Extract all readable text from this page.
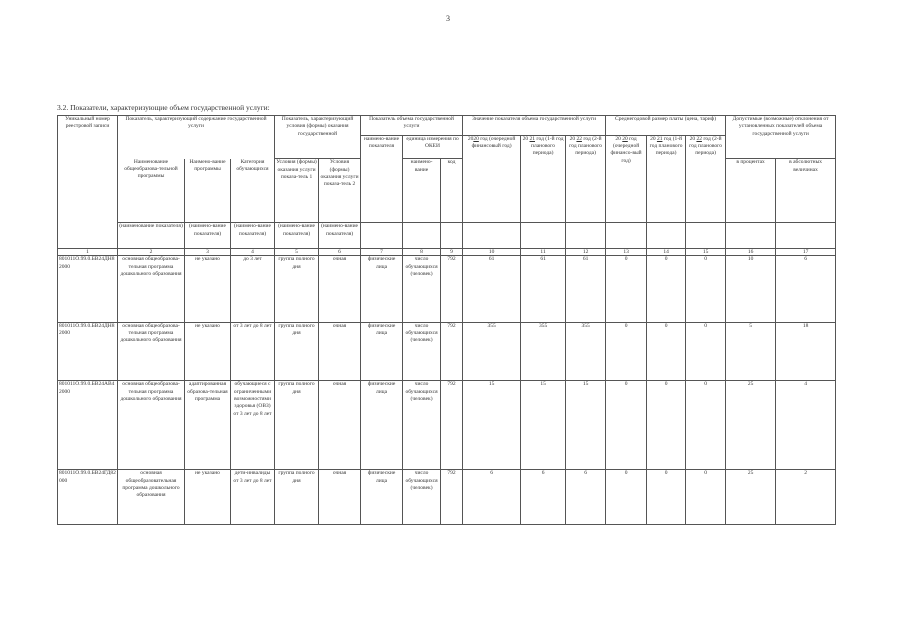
3
3.2. Показатели, характеризующие объем государственной услуги:
Уникальный номер реестровой записи	Показатель, характеризующий содержание государственной услуги			Показатель, характеризующий условия (формы) оказания государственной		Показатель объема государственной услуги			Значение показателя объема государственной услуги			Среднегодовой размер платы (цена, тариф)			Допустимые (возможные) отклонения от установленных показателей объема государственной услуги	
						наимено-вание показателя	единица измерения по ОКЕИ		2020 год (очередной финансовый год)	20 21 год (1-й год планового периода)	20 22 год (2-й год планового периода)	20 20 год (очередной финансо-вый год)	20 21 год (1-й год планового периода)	20 22 год (2-й год планового периода)		
	Наименование общеобразова-тельной программы	Наимено-вание программы	Категория обучающихся	Условия (формы) оказания услуги показа-тель 1	Условия (формы) оказания услуги показа-тель 2		наимено-вание	код							в процентах	в абсолютных величинах
	(наименование показателя)	(наимено-вание показателя)	(наимено-вание показателя)	(наимено-вание показателя)	(наимено-вание показателя)											
1	2	3	4	5	6	7	8	9	10	11	12	13	14	15	16	17
801011О.99.0.БВ24ДН82000	основная общеобразова-тельная программа дошкольного образования	не указано	до 3 лет	группа полного дня	очная	физические лица	число обучающихся (человек)	792	61	61	61	0	0	0	10	6
801011О.99.0.БВ24ДН82000	основная общеобразова-тельная программа дошкольного образования	не указано	от 3 лет до 8 лет	группа полного дня	очная	физические лица	число обучающихся (человек)	792	355	355	355	0	0	0	5	18
801011О.99.0.БВ24АВ42000	основная общеобразова-тельная программа дошкольного образования	адаптированная образова-тельная программа	обучающиеся с ограниченными возможностями здоровья (ОВЗ) от 3 лет до 8 лет	группа полного дня	очная	физические лица	число обучающихся (человек)	792	15	15	15	0	0	0	25	4
801011О.99.0.БВ24ГД82000	основная общеобразовательная программа дошкольного образования	не указано	дети-инвалиды от 3 лет до 8 лет	группа полного дня	очная	физические лица	число обучающихся (человек)	792	6	6	6	0	0	0	25	2
